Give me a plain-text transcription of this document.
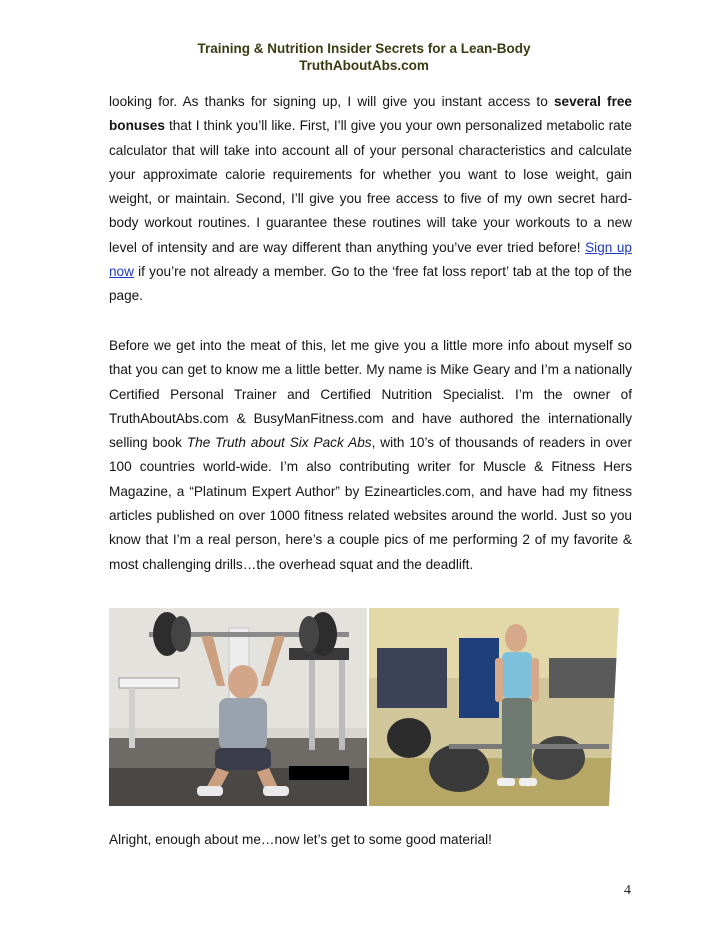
Training & Nutrition Insider Secrets for a Lean-Body
TruthAboutAbs.com
looking for. As thanks for signing up, I will give you instant access to several free bonuses that I think you’ll like. First, I’ll give you your own personalized metabolic rate calculator that will take into account all of your personal characteristics and calculate your approximate calorie requirements for whether you want to lose weight, gain weight, or maintain. Second, I’ll give you free access to five of my own secret hard-body workout routines. I guarantee these routines will take your workouts to a new level of intensity and are way different than anything you’ve ever tried before! Sign up now if you’re not already a member. Go to the ‘free fat loss report’ tab at the top of the page.
Before we get into the meat of this, let me give you a little more info about myself so that you can get to know me a little better. My name is Mike Geary and I’m a nationally Certified Personal Trainer and Certified Nutrition Specialist. I’m the owner of TruthAboutAbs.com & BusyManFitness.com and have authored the internationally selling book The Truth about Six Pack Abs, with 10’s of thousands of readers in over 100 countries world-wide. I’m also contributing writer for Muscle & Fitness Hers Magazine, a “Platinum Expert Author” by Ezinearticles.com, and have had my fitness articles published on over 1000 fitness related websites around the world. Just so you know that I’m a real person, here’s a couple pics of me performing 2 of my favorite & most challenging drills…the overhead squat and the deadlift.
Alright, enough about me…now let’s get to some good material!
4
